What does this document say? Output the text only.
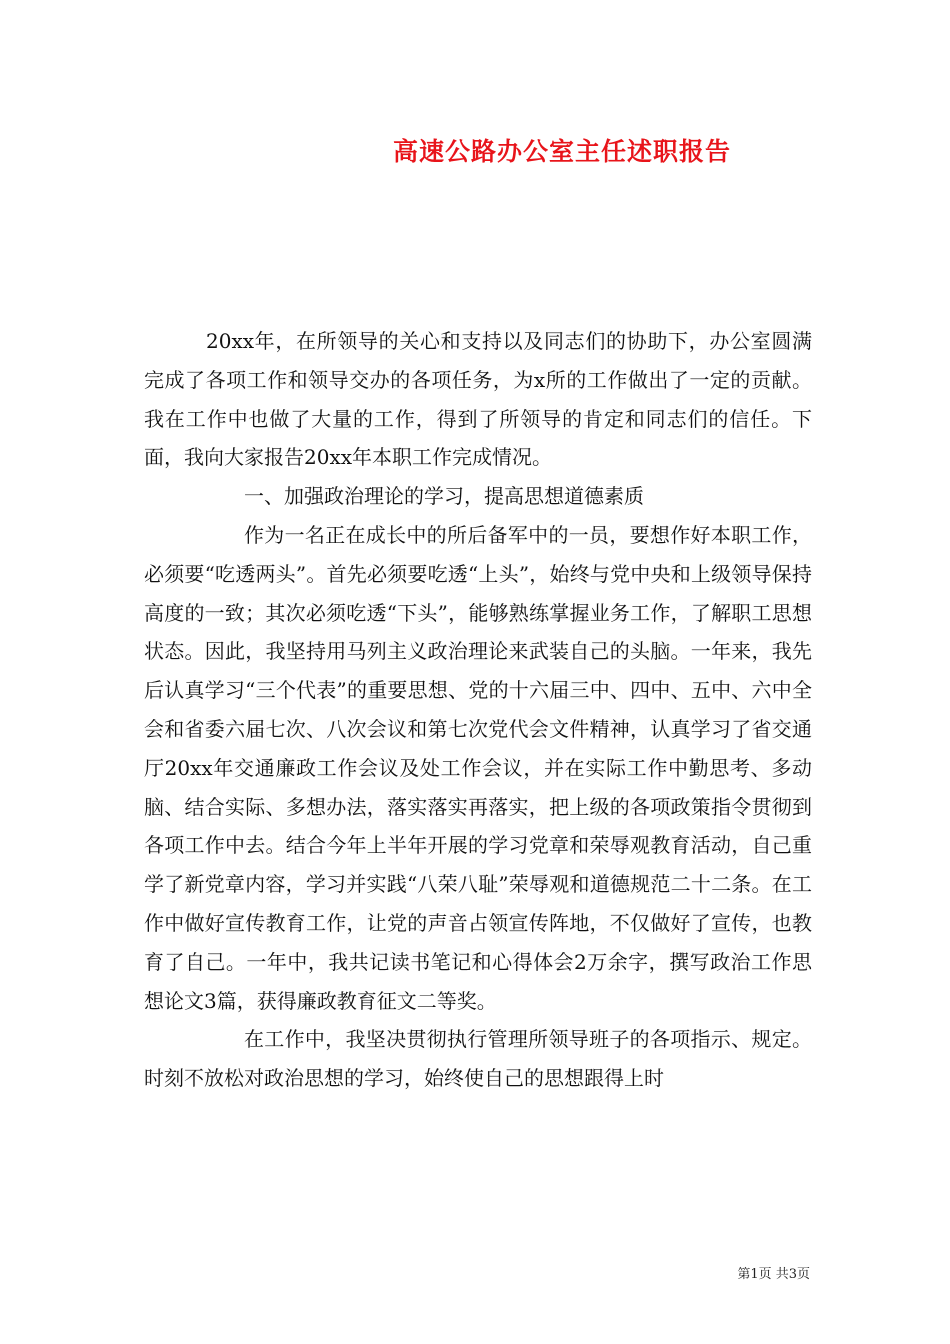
高速公路办公室主任述职报告

20xx年，在所领导的关心和支持以及同志们的协助下，办公室圆满完成了各项工作和领导交办的各项任务，为x所的工作做出了一定的贡献。我在工作中也做了大量的工作，得到了所领导的肯定和同志们的信任。下面，我向大家报告20xx年本职工作完成情况。

一、加强政治理论的学习，提高思想道德素质

作为一名正在成长中的所后备军中的一员，要想作好本职工作，必须要“吃透两头”。首先必须要吃透“上头”，始终与党中央和上级领导保持高度的一致；其次必须吃透“下头”，能够熟练掌握业务工作，了解职工思想状态。因此，我坚持用马列主义政治理论来武装自己的头脑。一年来，我先后认真学习“三个代表”的重要思想、党的十六届三中、四中、五中、六中全会和省委六届七次、八次会议和第七次党代会文件精神，认真学习了省交通厅20xx年交通廉政工作会议及处工作会议，并在实际工作中勤思考、多动脑、结合实际、多想办法，落实落实再落实，把上级的各项政策指令贯彻到各项工作中去。结合今年上半年开展的学习党章和荣辱观教育活动，自己重学了新党章内容，学习并实践“八荣八耻”荣辱观和道德规范二十二条。在工作中做好宣传教育工作，让党的声音占领宣传阵地，不仅做好了宣传，也教育了自己。一年中，我共记读书笔记和心得体会2万余字，撰写政治工作思想论文3篇，获得廉政教育征文二等奖。

在工作中，我坚决贯彻执行管理所领导班子的各项指示、规定。时刻不放松对政治思想的学习，始终使自己的思想跟得上时

第1页 共3页
